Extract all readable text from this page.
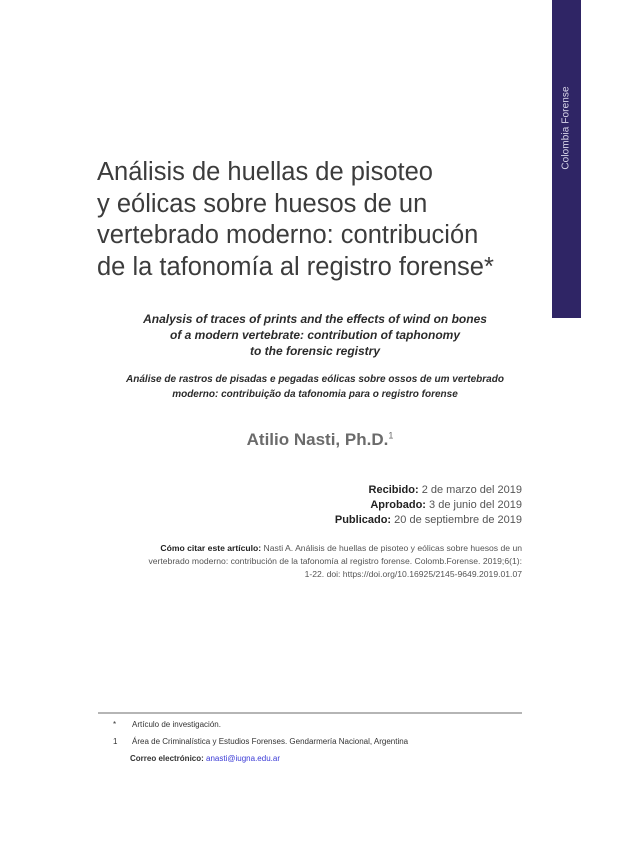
Colombia Forense
Análisis de huellas de pisoteo
y eólicas sobre huesos de un
vertebrado moderno: contribución
de la tafonomía al registro forense*
Analysis of traces of prints and the effects of wind on bones
of a modern vertebrate: contribution of taphonomy
to the forensic registry
Análise de rastros de pisadas e pegadas eólicas sobre ossos de um vertebrado
moderno: contribuição da tafonomia para o registro forense
Atilio Nasti, Ph.D.$^1$
Recibido: 2 de marzo del 2019
Aprobado: 3 de junio del 2019
Publicado: 20 de septiembre de 2019
Cómo citar este artículo: Nasti A. Análisis de huellas de pisoteo y eólicas sobre huesos de un
vertebrado moderno: contribución de la tafonomía al registro forense. Colomb.Forense. 2019;6(1):
1-22. doi: https://doi.org/10.16925/2145-9649.2019.01.07
*	Artículo de investigación.
1	Área de Criminalística y Estudios Forenses. Gendarmería Nacional, Argentina
Correo electrónico: anasti@iugna.edu.ar
